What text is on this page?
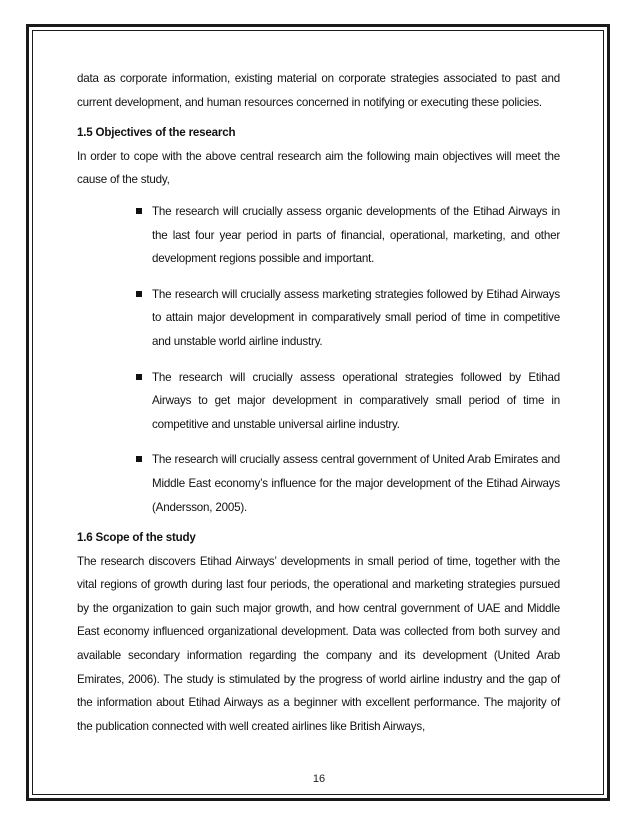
data as corporate information, existing material on corporate strategies associated to past and current development, and human resources concerned in notifying or executing these policies.

1.5 Objectives of the research

In order to cope with the above central research aim the following main objectives will meet the cause of the study,

The research will crucially assess organic developments of the Etihad Airways in the last four year period in parts of financial, operational, marketing, and other development regions possible and important.
The research will crucially assess marketing strategies followed by Etihad Airways to attain major development in comparatively small period of time in competitive and unstable world airline industry.
The research will crucially assess operational strategies followed by Etihad Airways to get major development in comparatively small period of time in competitive and unstable universal airline industry.
The research will crucially assess central government of United Arab Emirates and Middle East economy’s influence for the major development of the Etihad Airways (Andersson, 2005).

1.6 Scope of the study

The research discovers Etihad Airways’ developments in small period of time, together with the vital regions of growth during last four periods, the operational and marketing strategies pursued by the organization to gain such major growth, and how central government of UAE and Middle East economy influenced organizational development. Data was collected from both survey and available secondary information regarding the company and its development (United Arab Emirates, 2006). The study is stimulated by the progress of world airline industry and the gap of the information about Etihad Airways as a beginner with excellent performance. The majority of the publication connected with well created airlines like British Airways,

16
